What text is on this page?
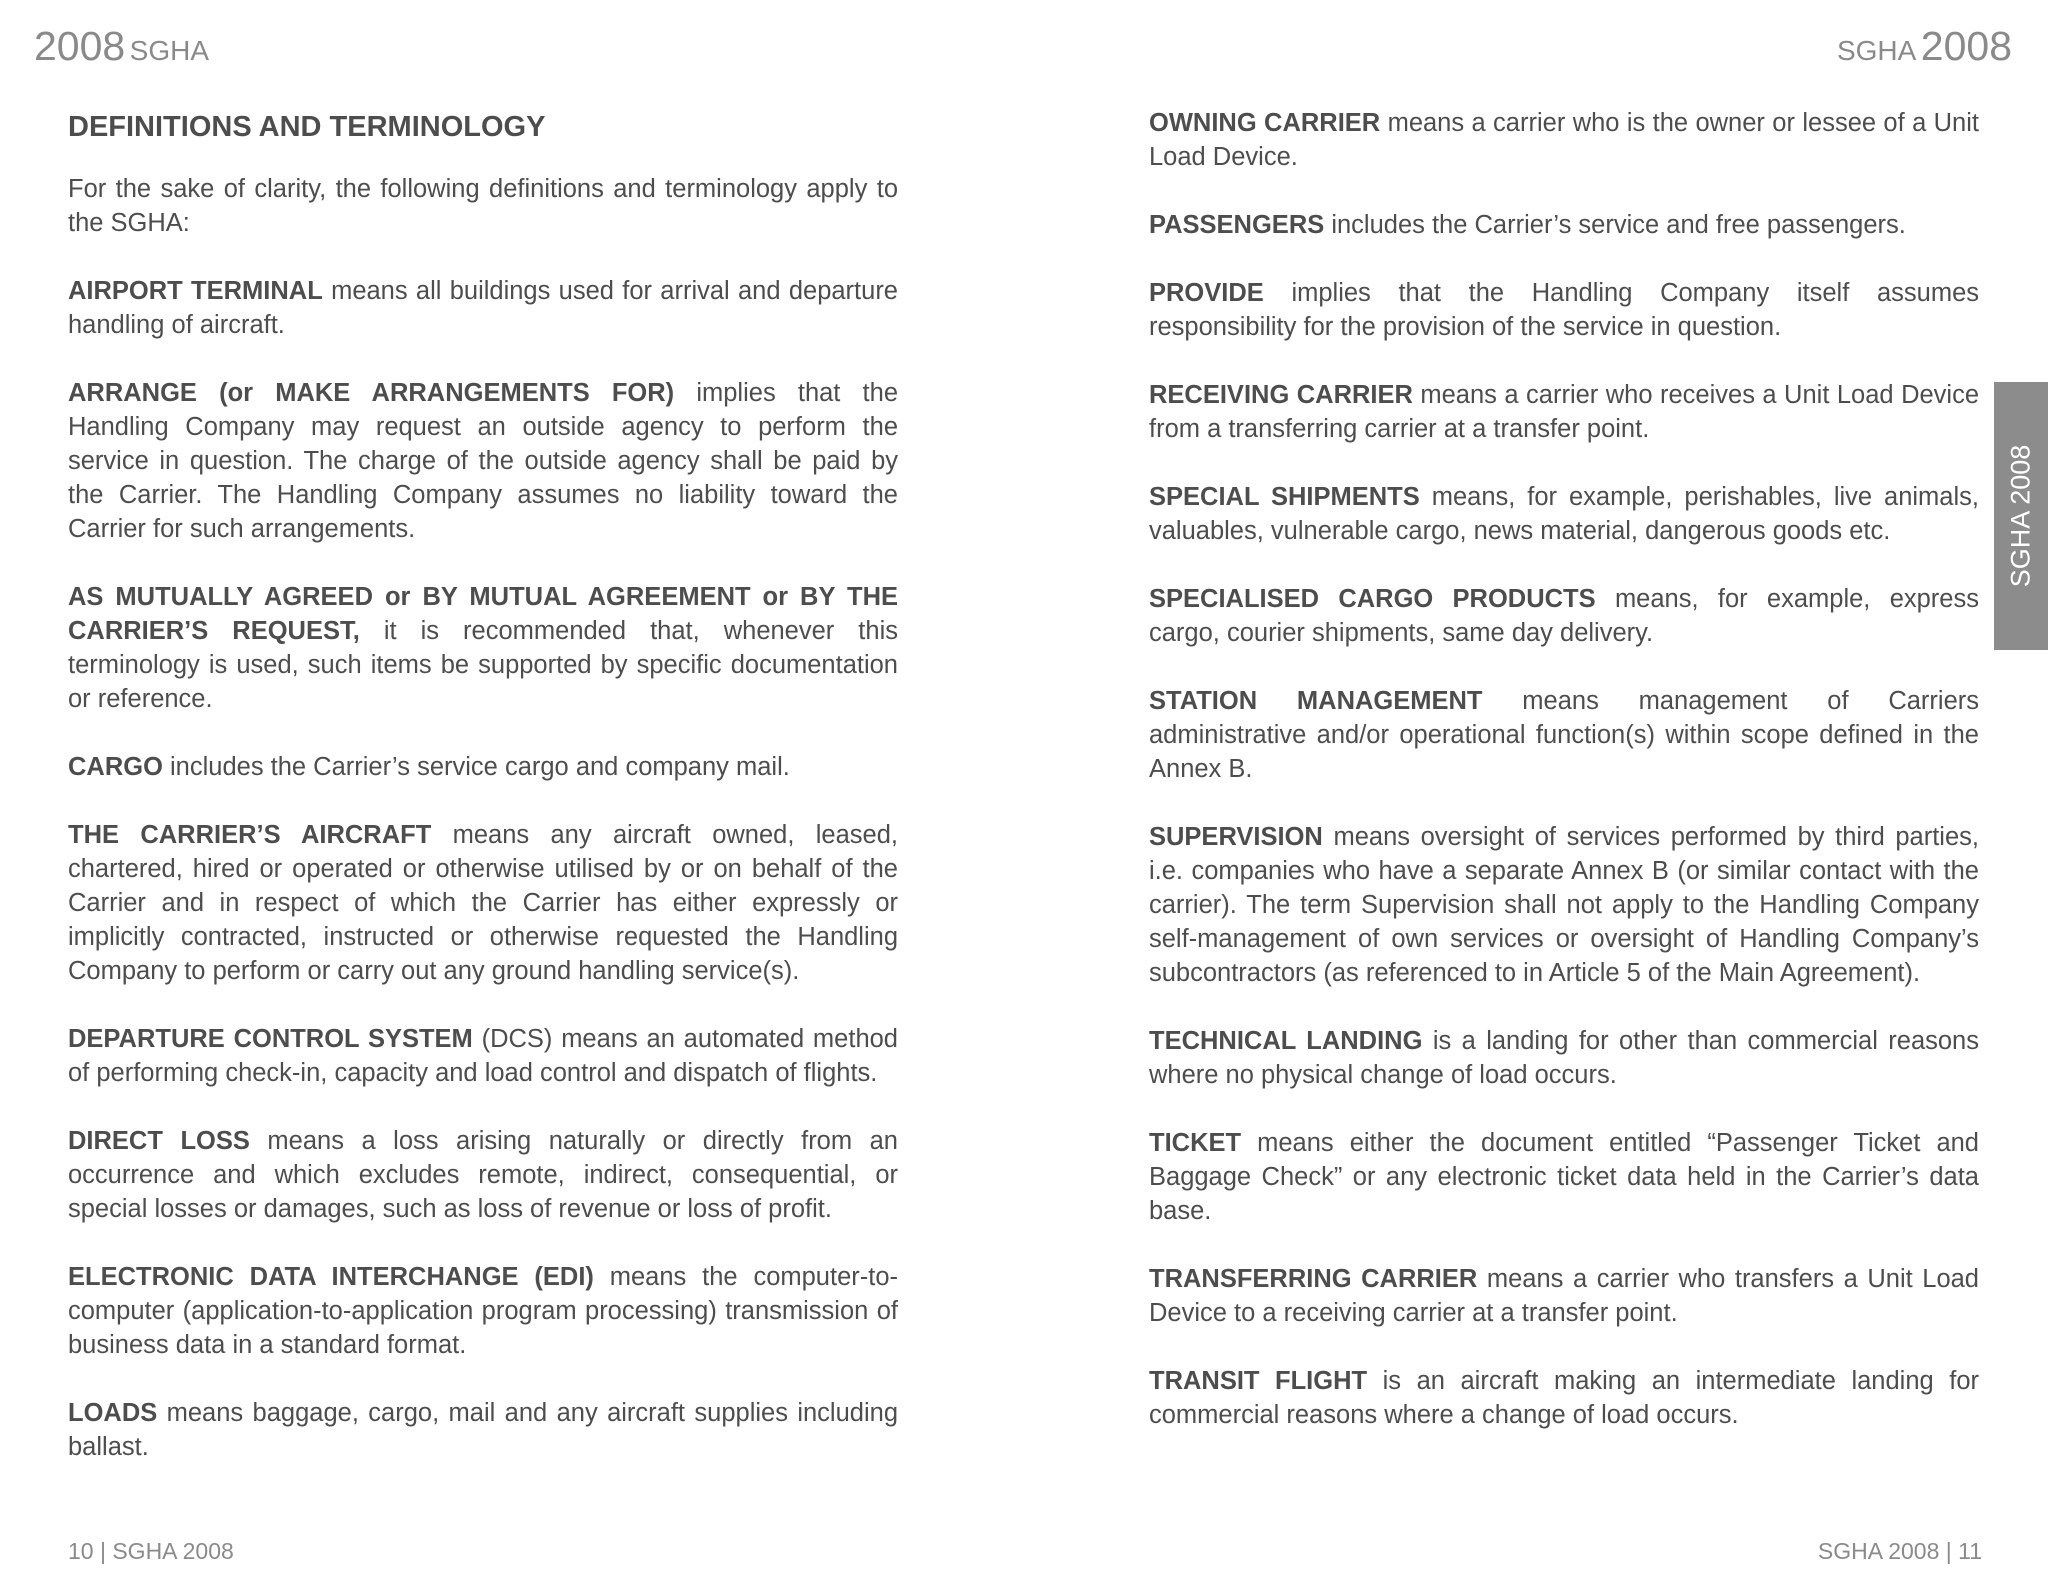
2008 SGHA
DEFINITIONS AND TERMINOLOGY

For the sake of clarity, the following definitions and terminology apply to the SGHA:

AIRPORT TERMINAL means all buildings used for arrival and departure handling of aircraft.

ARRANGE (or MAKE ARRANGEMENTS FOR) implies that the Handling Company may request an outside agency to perform the service in question. The charge of the outside agency shall be paid by the Carrier. The Handling Company assumes no liability toward the Carrier for such arrangements.

AS MUTUALLY AGREED or BY MUTUAL AGREEMENT or BY THE CARRIER’S REQUEST, it is recommended that, whenever this terminology is used, such items be supported by specific documentation or reference.

CARGO includes the Carrier’s service cargo and company mail.

THE CARRIER’S AIRCRAFT means any aircraft owned, leased, chartered, hired or operated or otherwise utilised by or on behalf of the Carrier and in respect of which the Carrier has either expressly or implicitly contracted, instructed or otherwise requested the Handling Company to perform or carry out any ground handling service(s).

DEPARTURE CONTROL SYSTEM (DCS) means an automated method of performing check-in, capacity and load control and dispatch of flights.

DIRECT LOSS means a loss arising naturally or directly from an occurrence and which excludes remote, indirect, consequential, or special losses or damages, such as loss of revenue or loss of profit.

ELECTRONIC DATA INTERCHANGE (EDI) means the computer-to-computer (application-to-application program processing) transmission of business data in a standard format.

LOADS means baggage, cargo, mail and any aircraft supplies including ballast.

10 | SGHA 2008
SGHA 2008

OWNING CARRIER means a carrier who is the owner or lessee of a Unit Load Device.

PASSENGERS includes the Carrier’s service and free passengers.

PROVIDE implies that the Handling Company itself assumes responsibility for the provision of the service in question.

RECEIVING CARRIER means a carrier who receives a Unit Load Device from a transferring carrier at a transfer point.

SPECIAL SHIPMENTS means, for example, perishables, live animals, valuables, vulnerable cargo, news material, dangerous goods etc.

SPECIALISED CARGO PRODUCTS means, for example, express cargo, courier shipments, same day delivery.

STATION MANAGEMENT means management of Carriers administrative and/or operational function(s) within scope defined in the Annex B.

SUPERVISION means oversight of services performed by third parties, i.e. companies who have a separate Annex B (or similar contact with the carrier). The term Supervision shall not apply to the Handling Company self-management of own services or oversight of Handling Company’s subcontractors (as referenced to in Article 5 of the Main Agreement).

TECHNICAL LANDING is a landing for other than commercial reasons where no physical change of load occurs.

TICKET means either the document entitled “Passenger Ticket and Baggage Check” or any electronic ticket data held in the Carrier’s data base.

TRANSFERRING CARRIER means a carrier who transfers a Unit Load Device to a receiving carrier at a transfer point.

TRANSIT FLIGHT is an aircraft making an intermediate landing for commercial reasons where a change of load occurs.

SGHA 2008 | 11
SGHA 2008
